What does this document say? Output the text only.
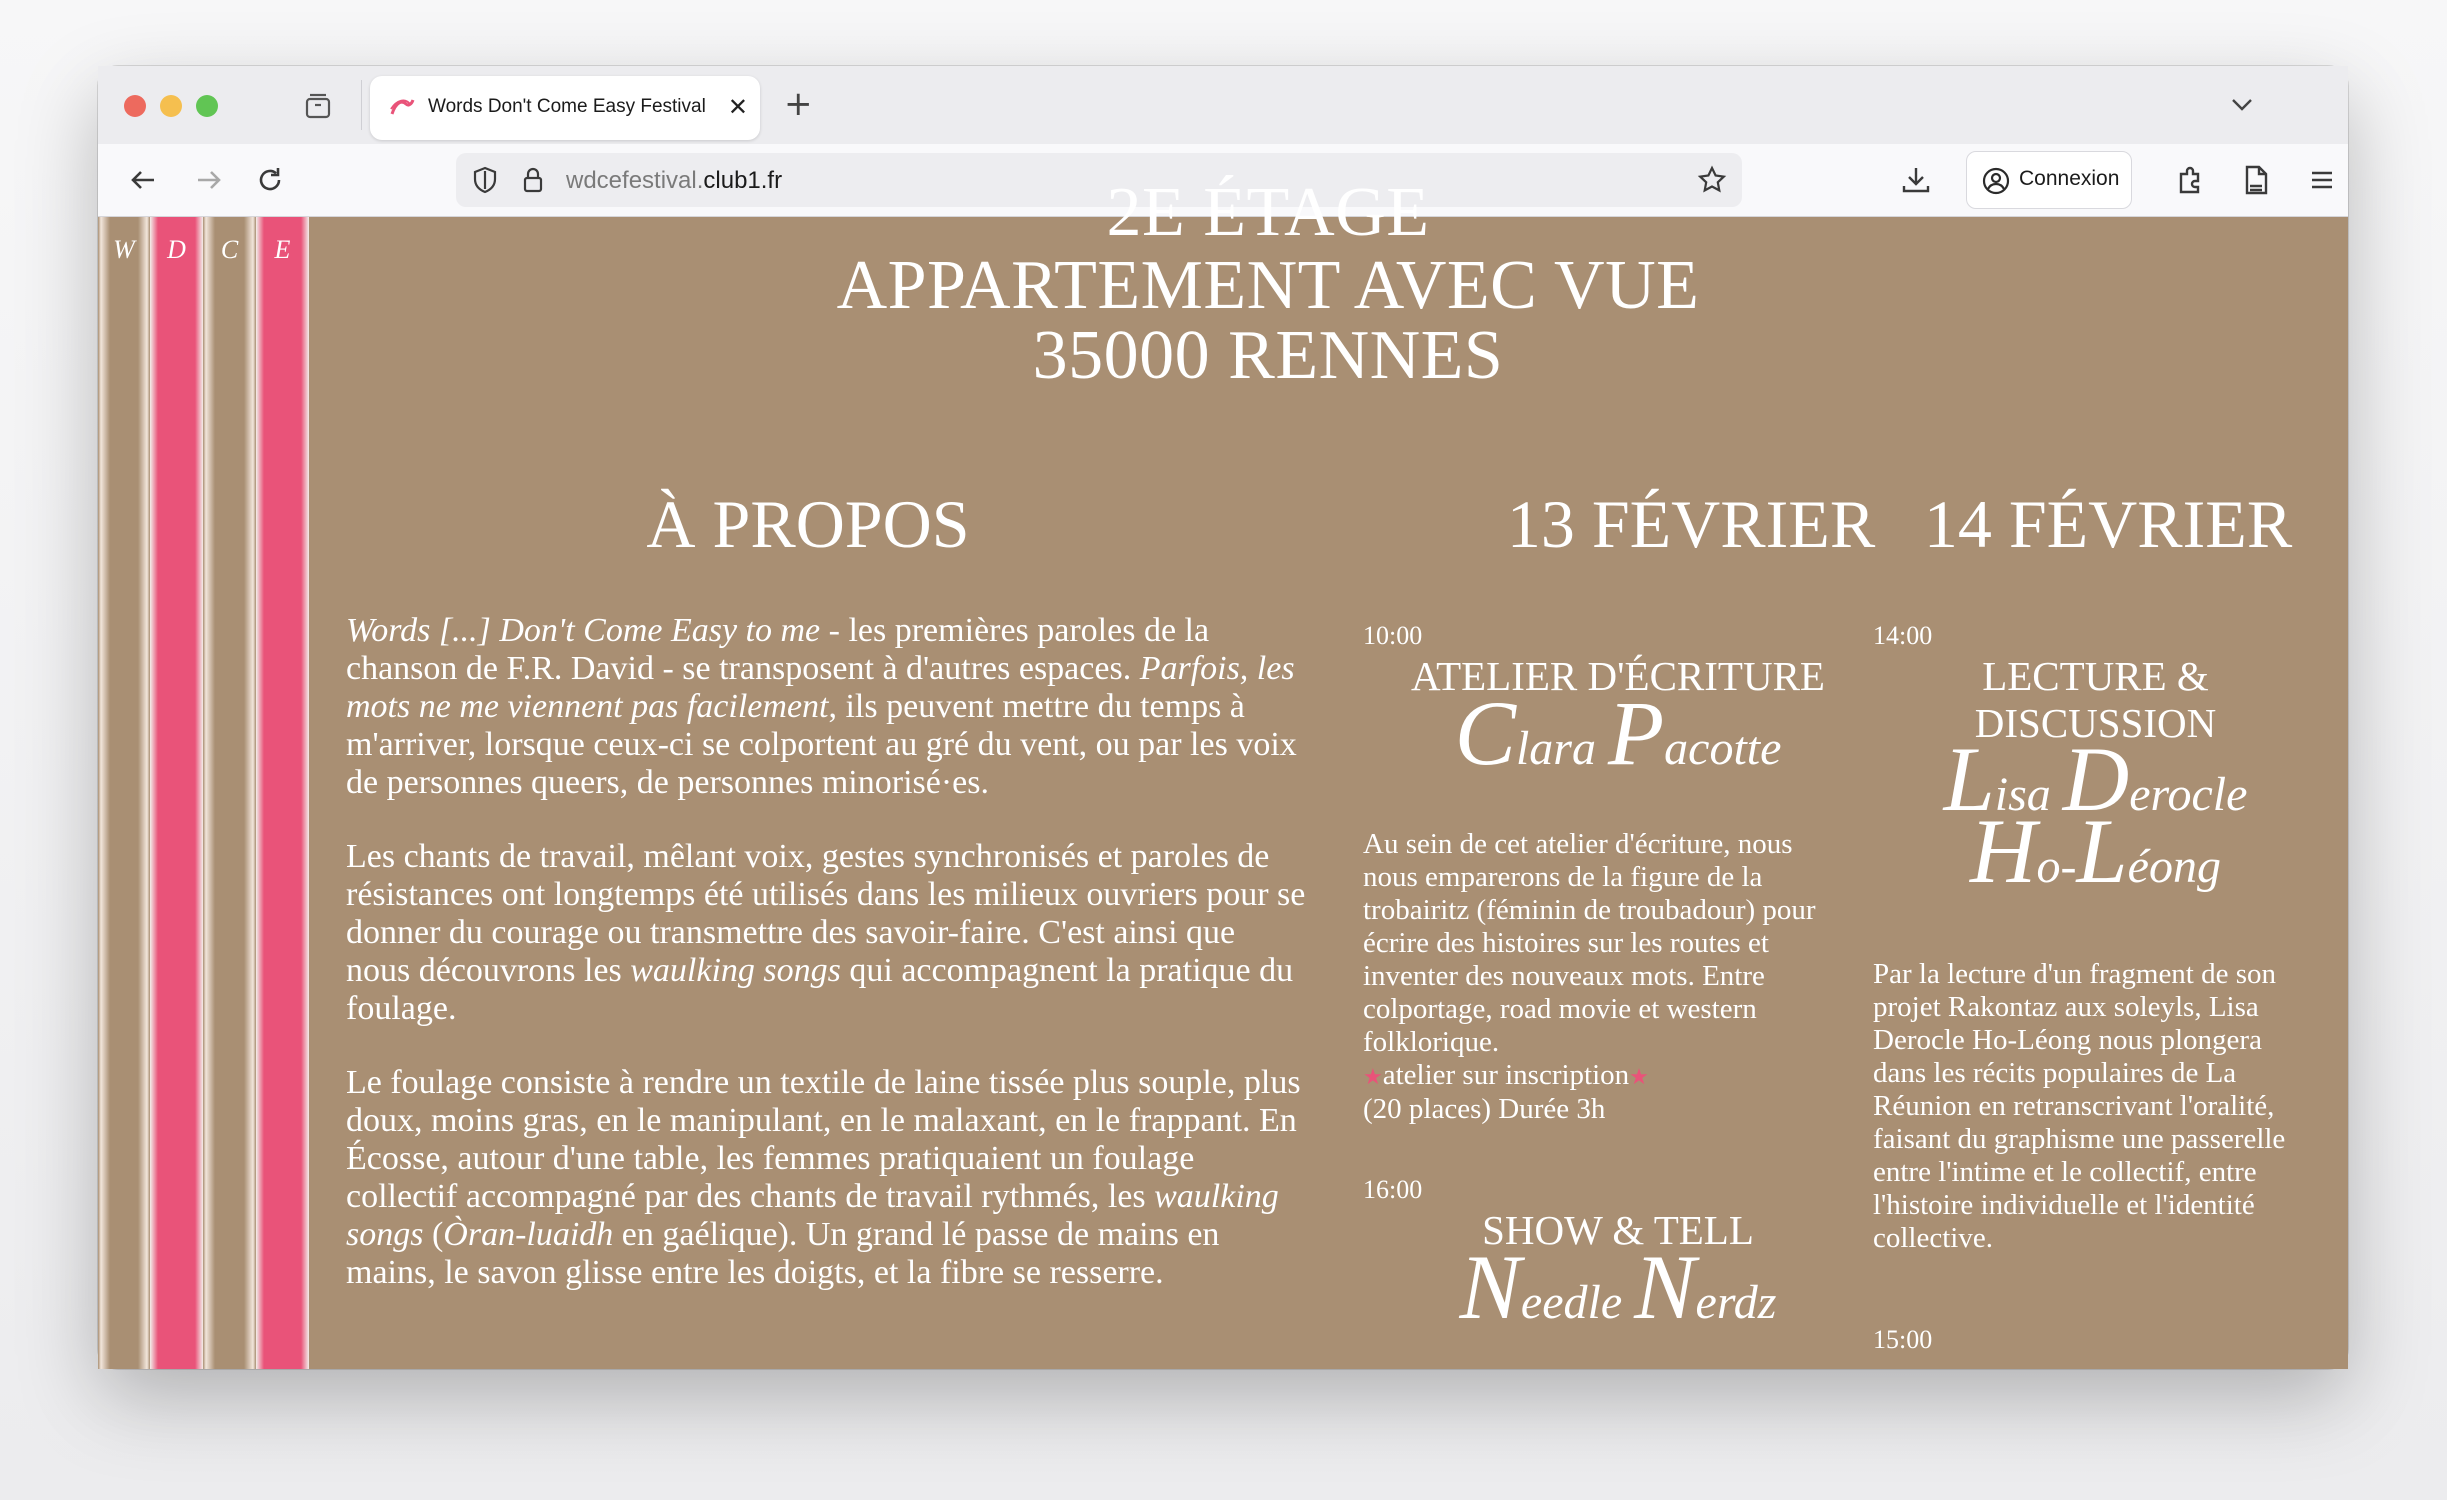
Words Don't Come Easy Festival ✕ +
wdcefestival.club1.fr	Connexion
W	D	C	E	2E ÉTAGE
APPARTEMENT AVEC VUE
35000 RENNES
À PROPOS
Words [...] Don't Come Easy to me - les premières paroles de la chanson de F.R. David - se transposent à d'autres espaces. Parfois, les mots ne me viennent pas facilement, ils peuvent mettre du temps à m'arriver, lorsque ceux-ci se colportent au gré du vent, ou par les voix de personnes queers, de personnes minorisé·es.
Les chants de travail, mêlant voix, gestes synchronisés et paroles de résistances ont longtemps été utilisés dans les milieux ouvriers pour se donner du courage ou transmettre des savoir-faire. C'est ainsi que nous découvrons les waulking songs qui accompagnent la pratique du foulage.
Le foulage consiste à rendre un textile de laine tissée plus souple, plus doux, moins gras, en le manipulant, en le malaxant, en le frappant. En Écosse, autour d'une table, les femmes pratiquaient un foulage collectif accompagné par des chants de travail rythmés, les waulking songs (Òran-luaidh en gaélique). Un grand lé passe de mains en mains, le savon glisse entre les doigts, et la fibre se resserre.
13 FÉVRIER
10:00
ATELIER D'ÉCRITURE
Clara Pacotte
Au sein de cet atelier d'écriture, nous nous emparerons de la figure de la trobairitz (féminin de troubadour) pour écrire des histoires sur les routes et inventer des nouveaux mots. Entre colportage, road movie et western folklorique.
★atelier sur inscription★
(20 places) Durée 3h
16:00
SHOW & TELL
Needle Nerdz
14 FÉVRIER
14:00
LECTURE &
DISCUSSION
Lisa Derocle
Ho-Léong
Par la lecture d'un fragment de son projet Rakontaz aux soleyls, Lisa Derocle Ho-Léong nous plongera dans les récits populaires de La Réunion en retranscrivant l'oralité, faisant du graphisme une passerelle entre l'intime et le collectif, entre l'histoire individuelle et l'identité collective.
15:00
